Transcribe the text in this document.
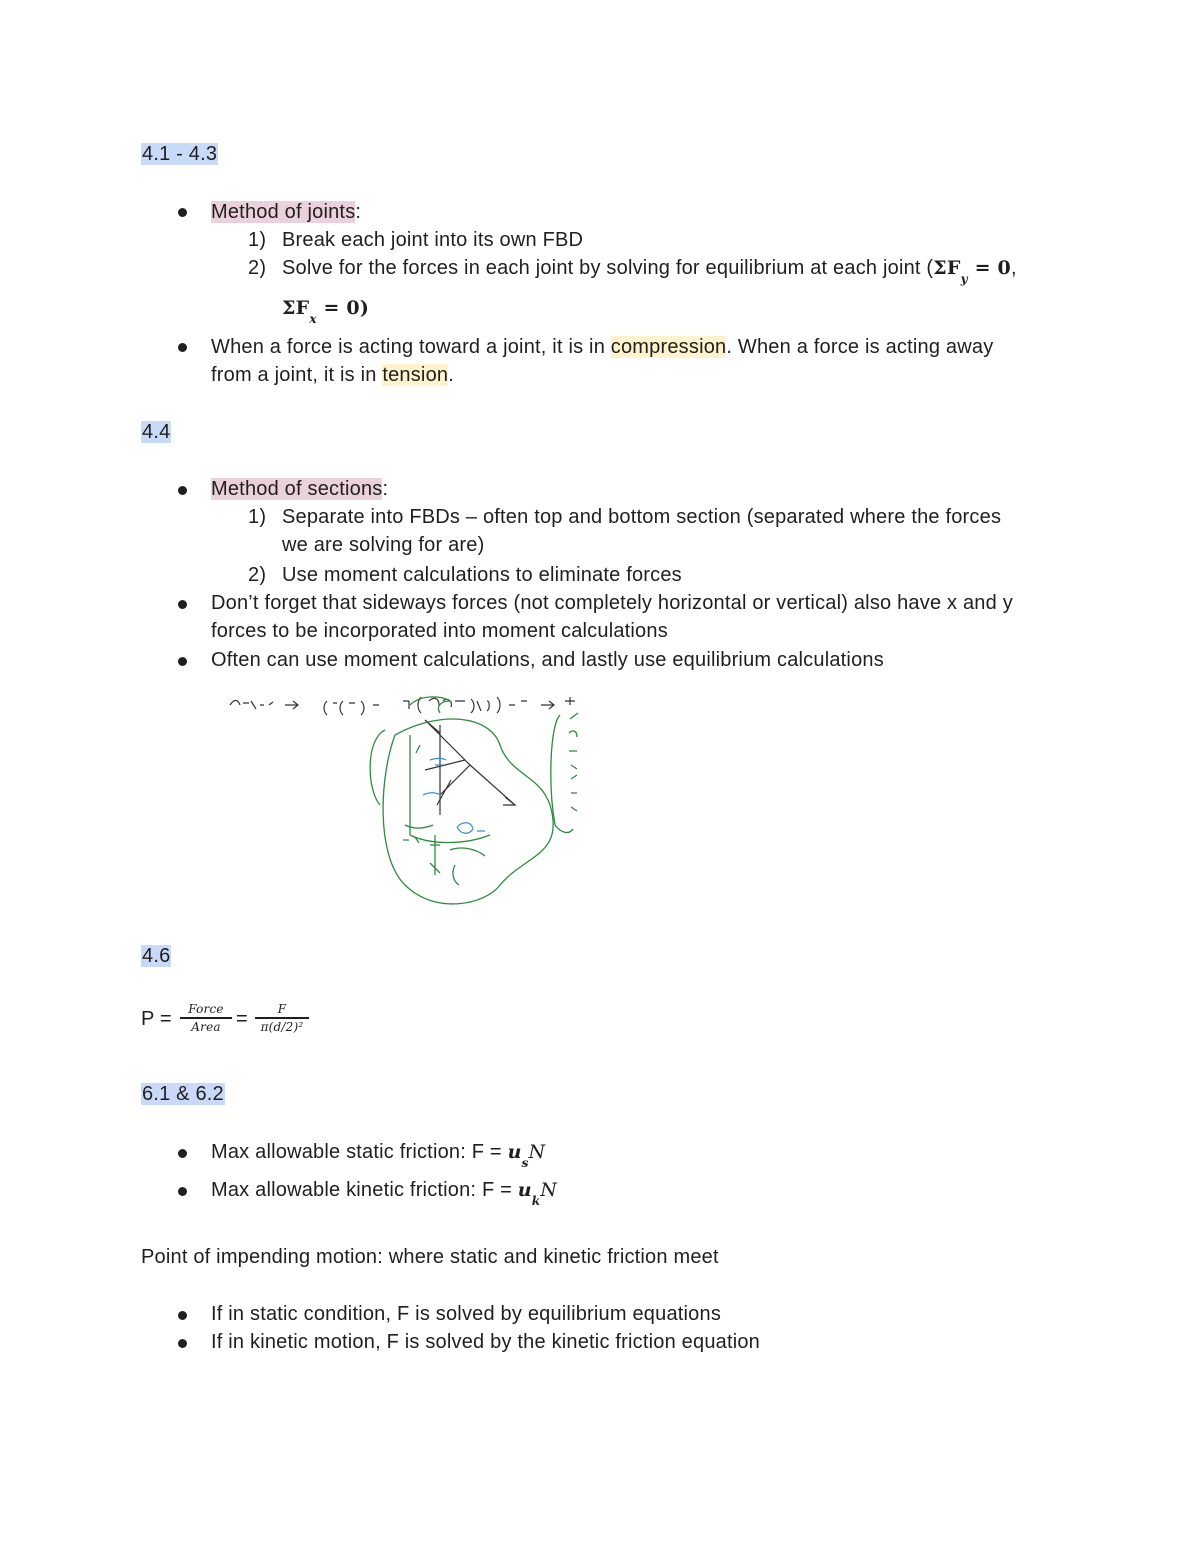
4.1 - 4.3
Method of joints:
1) Break each joint into its own FBD
2) Solve for the forces in each joint by solving for equilibrium at each joint ($\Sigma F_y = 0$,
$\Sigma F_x = 0$)
When a force is acting toward a joint, it is in compression. When a force is acting away
from a joint, it is in tension.
4.4
Method of sections:
1) Separate into FBDs – often top and bottom section (separated where the forces
we are solving for are)
2) Use moment calculations to eliminate forces
Don’t forget that sideways forces (not completely horizontal or vertical) also have x and y
forces to be incorporated into moment calculations
Often can use moment calculations, and lastly use equilibrium calculations
4.6
P =	Force
Area =	F
π(d/2)²
6.1 & 6.2
Max allowable static friction: $F = u_sN$
Max allowable kinetic friction: $F = u_kN$
Point of impending motion: where static and kinetic friction meet
If in static condition, F is solved by equilibrium equations
If in kinetic motion, F is solved by the kinetic friction equation
